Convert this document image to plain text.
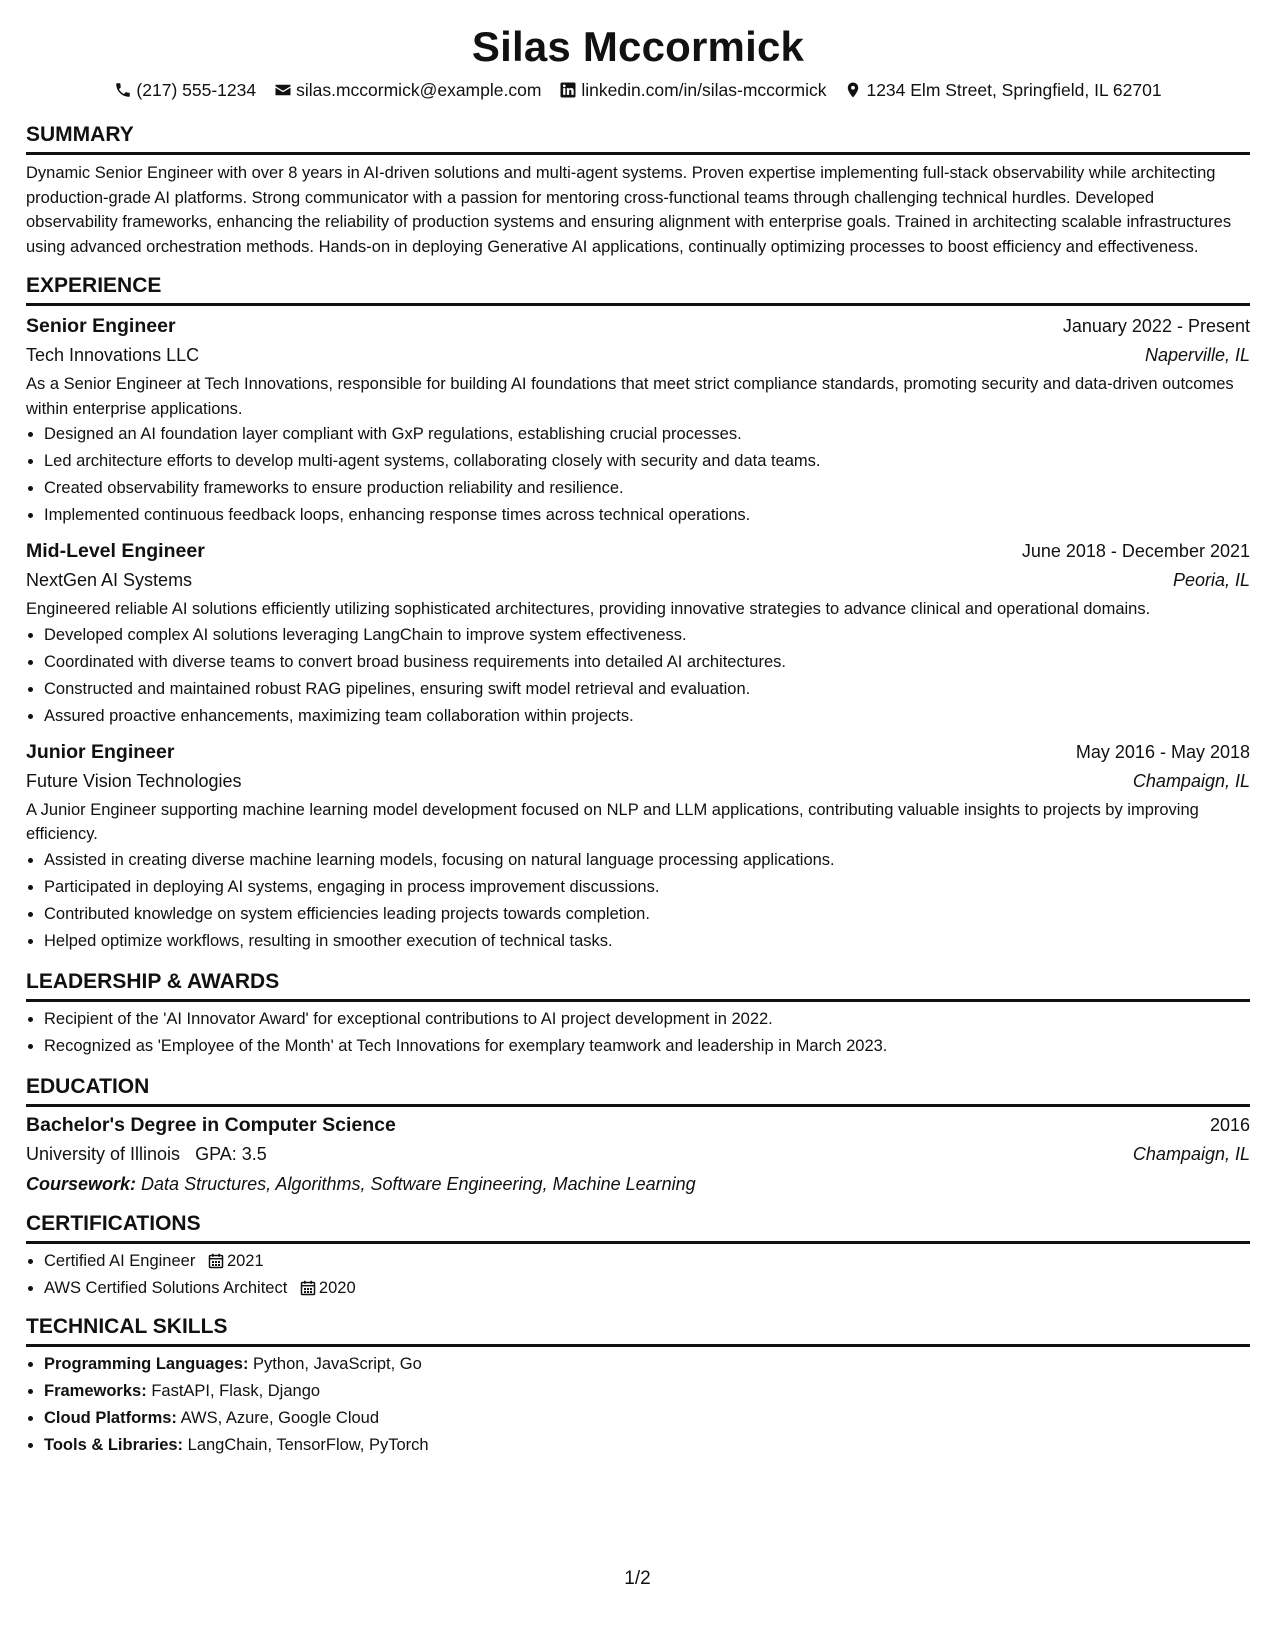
Silas Mccormick
(217) 555-1234 silas.mccormick@example.com linkedin.com/in/silas-mccormick 1234 Elm Street, Springfield, IL 62701
SUMMARY

Dynamic Senior Engineer with over 8 years in AI-driven solutions and multi-agent systems. Proven expertise implementing full-stack observability while architecting production-grade AI platforms. Strong communicator with a passion for mentoring cross-functional teams through challenging technical hurdles. Developed observability frameworks, enhancing the reliability of production systems and ensuring alignment with enterprise goals. Trained in architecting scalable infrastructures using advanced orchestration methods. Hands-on in deploying Generative AI applications, continually optimizing processes to boost efficiency and effectiveness.

EXPERIENCE
Senior Engineer	January 2022 - Present
Tech Innovations LLC	Naperville, IL

As a Senior Engineer at Tech Innovations, responsible for building AI foundations that meet strict compliance standards, promoting security and data-driven outcomes within enterprise applications.

• Designed an AI foundation layer compliant with GxP regulations, establishing crucial processes.
• Led architecture efforts to develop multi-agent systems, collaborating closely with security and data teams.
• Created observability frameworks to ensure production reliability and resilience.
• Implemented continuous feedback loops, enhancing response times across technical operations.
Mid-Level Engineer	June 2018 - December 2021
NextGen AI Systems	Peoria, IL

Engineered reliable AI solutions efficiently utilizing sophisticated architectures, providing innovative strategies to advance clinical and operational domains.

• Developed complex AI solutions leveraging LangChain to improve system effectiveness.
• Coordinated with diverse teams to convert broad business requirements into detailed AI architectures.
• Constructed and maintained robust RAG pipelines, ensuring swift model retrieval and evaluation.
• Assured proactive enhancements, maximizing team collaboration within projects.
Junior Engineer	May 2016 - May 2018
Future Vision Technologies	Champaign, IL

A Junior Engineer supporting machine learning model development focused on NLP and LLM applications, contributing valuable insights to projects by improving efficiency.

• Assisted in creating diverse machine learning models, focusing on natural language processing applications.
• Participated in deploying AI systems, engaging in process improvement discussions.
• Contributed knowledge on system efficiencies leading projects towards completion.
• Helped optimize workflows, resulting in smoother execution of technical tasks.
LEADERSHIP & AWARDS
• Recipient of the 'AI Innovator Award' for exceptional contributions to AI project development in 2022.
• Recognized as 'Employee of the Month' at Tech Innovations for exemplary teamwork and leadership in March 2023.
EDUCATION
Bachelor's Degree in Computer Science	2016
University of Illinois GPA: 3.5	Champaign, IL
Coursework: Data Structures, Algorithms, Software Engineering, Machine Learning
CERTIFICATIONS
• Certified AI Engineer 2021
• AWS Certified Solutions Architect 2020
TECHNICAL SKILLS
• Programming Languages: Python, JavaScript, Go
• Frameworks: FastAPI, Flask, Django
• Cloud Platforms: AWS, Azure, Google Cloud
• Tools & Libraries: LangChain, TensorFlow, PyTorch
1/2
